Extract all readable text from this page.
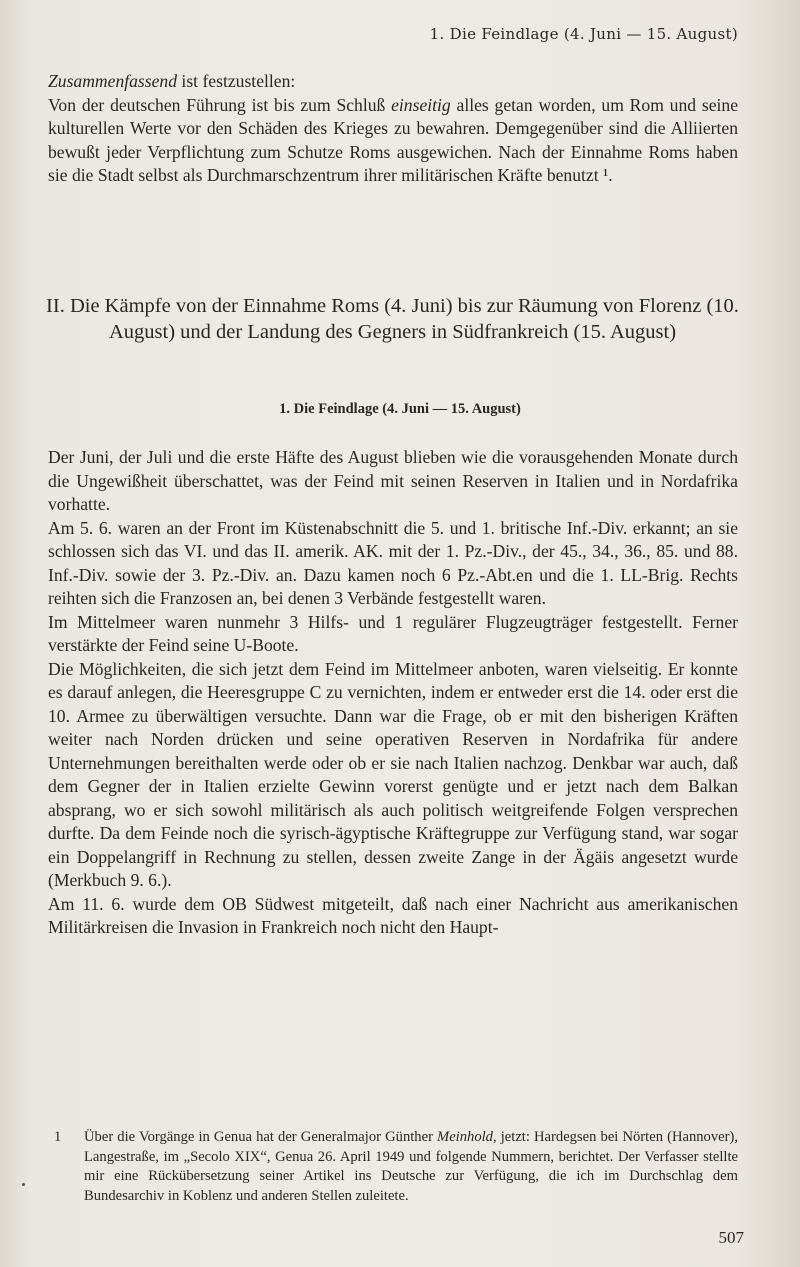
1. Die Feindlage (4. Juni — 15. August)

Zusammenfassend ist festzustellen:

Von der deutschen Führung ist bis zum Schluß einseitig alles getan worden, um Rom und seine kulturellen Werte vor den Schäden des Krieges zu bewahren. Demgegenüber sind die Alliierten bewußt jeder Verpflichtung zum Schutze Roms ausgewichen. Nach der Einnahme Roms haben sie die Stadt selbst als Durchmarschzentrum ihrer militärischen Kräfte benutzt ¹.

II. Die Kämpfe von der Einnahme Roms (4. Juni) bis zur Räumung von Florenz (10. August) und der Landung des Gegners in Südfrankreich (15. August)
1. Die Feindlage (4. Juni — 15. August)

Der Juni, der Juli und die erste Häfte des August blieben wie die vorausgehenden Monate durch die Ungewißheit überschattet, was der Feind mit seinen Reserven in Italien und in Nordafrika vorhatte.

Am 5. 6. waren an der Front im Küstenabschnitt die 5. und 1. britische Inf.-Div. erkannt; an sie schlossen sich das VI. und das II. amerik. AK. mit der 1. Pz.-Div., der 45., 34., 36., 85. und 88. Inf.-Div. sowie der 3. Pz.-Div. an. Dazu kamen noch 6 Pz.-Abt.en und die 1. LL-Brig. Rechts reihten sich die Franzosen an, bei denen 3 Verbände festgestellt waren.

Im Mittelmeer waren nunmehr 3 Hilfs- und 1 regulärer Flugzeugträger festgestellt. Ferner verstärkte der Feind seine U-Boote.

Die Möglichkeiten, die sich jetzt dem Feind im Mittelmeer anboten, waren vielseitig. Er konnte es darauf anlegen, die Heeresgruppe C zu vernichten, indem er entweder erst die 14. oder erst die 10. Armee zu überwältigen versuchte. Dann war die Frage, ob er mit den bisherigen Kräften weiter nach Norden drücken und seine operativen Reserven in Nordafrika für andere Unternehmungen bereithalten werde oder ob er sie nach Italien nachzog. Denkbar war auch, daß dem Gegner der in Italien erzielte Gewinn vorerst genügte und er jetzt nach dem Balkan absprang, wo er sich sowohl militärisch als auch politisch weitgreifende Folgen versprechen durfte. Da dem Feinde noch die syrisch-ägyptische Kräftegruppe zur Verfügung stand, war sogar ein Doppelangriff in Rechnung zu stellen, dessen zweite Zange in der Ägäis angesetzt wurde (Merkbuch 9. 6.).

Am 11. 6. wurde dem OB Südwest mitgeteilt, daß nach einer Nachricht aus amerikanischen Militärkreisen die Invasion in Frankreich noch nicht den Haupt-

1 Über die Vorgänge in Genua hat der Generalmajor Günther Meinhold, jetzt: Hardegsen bei Nörten (Hannover), Langestraße, im „Secolo XIX“, Genua 26. April 1949 und folgende Nummern, berichtet. Der Verfasser stellte mir eine Rückübersetzung seiner Artikel ins Deutsche zur Verfügung, die ich im Durchschlag dem Bundesarchiv in Koblenz und anderen Stellen zuleitete.
507
